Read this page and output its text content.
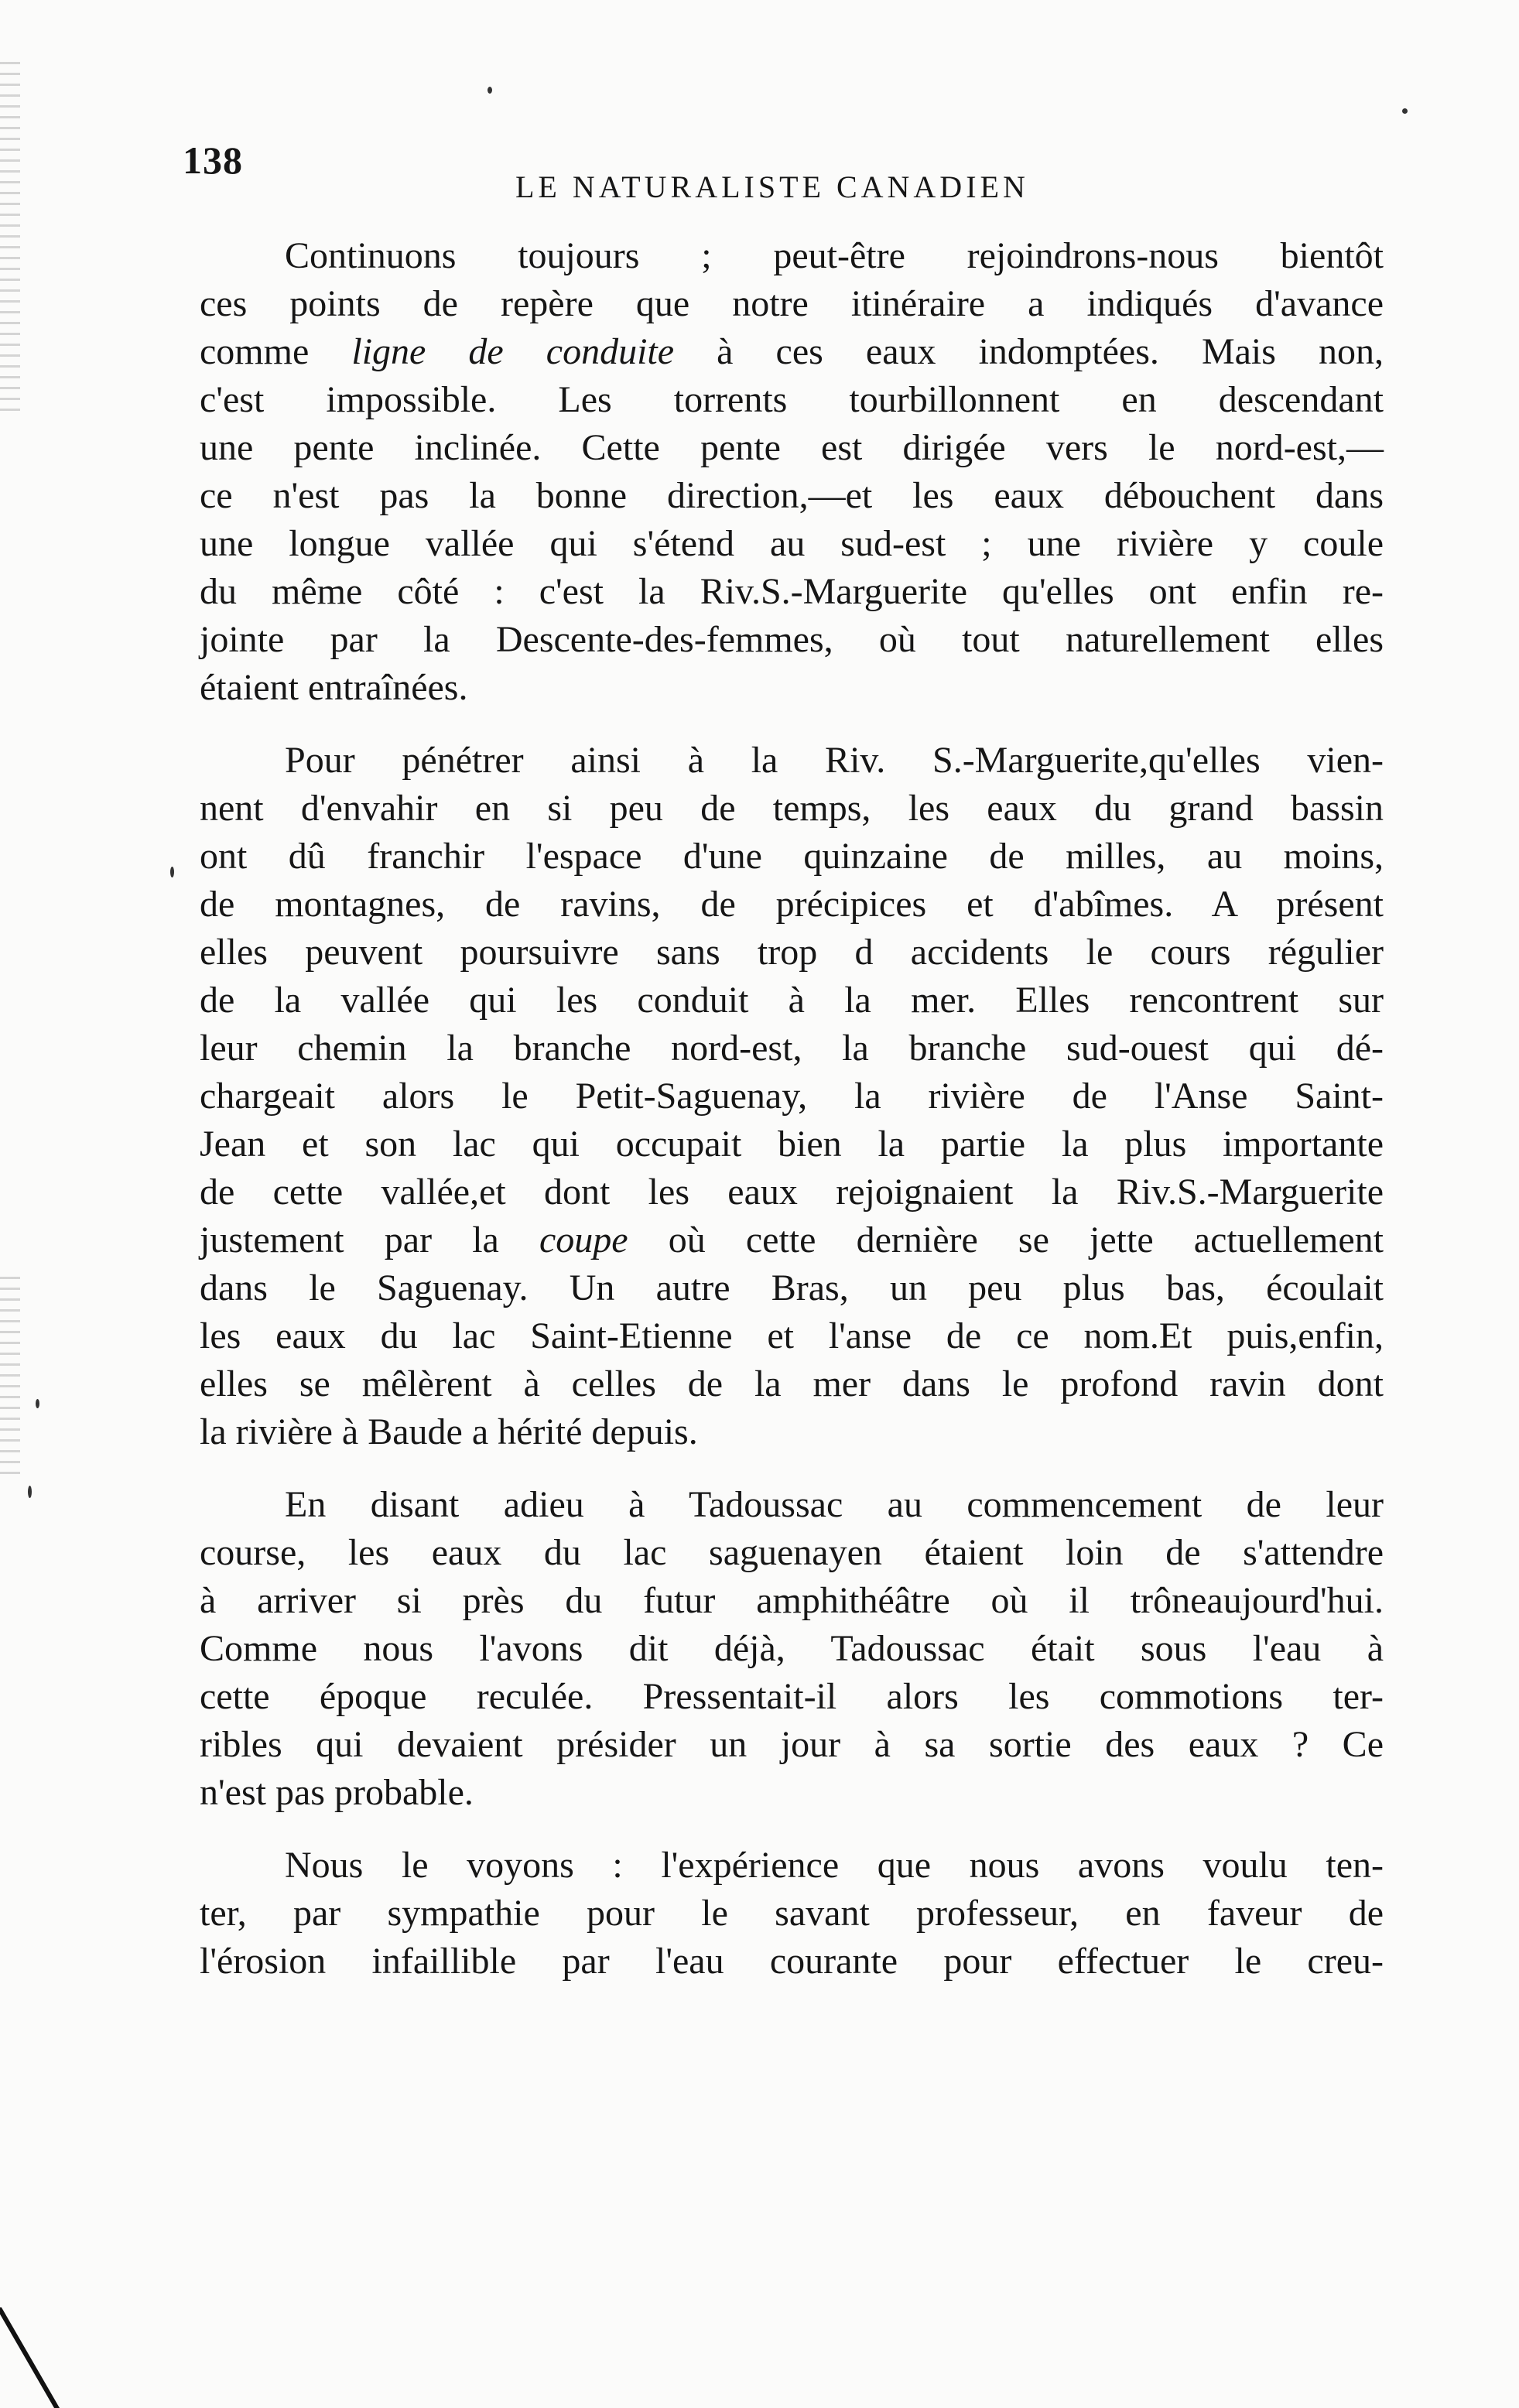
138
LE NATURALISTE CANADIEN
Continuons toujours ; peut-être rejoindrons-nous bientôt
ces points de repère que notre itinéraire a indiqués d'avance
comme ligne de conduite à ces eaux indomptées. Mais non,
c'est impossible. Les torrents tourbillonnent en descendant
une pente inclinée. Cette pente est dirigée vers le nord-est,—
ce n'est pas la bonne direction,—et les eaux débouchent dans
une longue vallée qui s'étend au sud-est ; une rivière y coule
du même côté : c'est la Riv.S.-Marguerite qu'elles ont enfin re-
jointe par la Descente-des-femmes, où tout naturellement elles
étaient entraînées.
Pour pénétrer ainsi à la Riv. S.-Marguerite,qu'elles vien-
nent d'envahir en si peu de temps, les eaux du grand bassin
ont dû franchir l'espace d'une quinzaine de milles, au moins,
de montagnes, de ravins, de précipices et d'abîmes. A présent
elles peuvent poursuivre sans trop d accidents le cours régulier
de la vallée qui les conduit à la mer. Elles rencontrent sur
leur chemin la branche nord-est, la branche sud-ouest qui dé-
chargeait alors le Petit-Saguenay, la rivière de l'Anse Saint-
Jean et son lac qui occupait bien la partie la plus importante
de cette vallée,et dont les eaux rejoignaient la Riv.S.-Marguerite
justement par la coupe où cette dernière se jette actuellement
dans le Saguenay. Un autre Bras, un peu plus bas, écoulait
les eaux du lac Saint-Etienne et l'anse de ce nom.Et puis,enfin,
elles se mêlèrent à celles de la mer dans le profond ravin dont
la rivière à Baude a hérité depuis.
En disant adieu à Tadoussac au commencement de leur
course, les eaux du lac saguenayen étaient loin de s'attendre
à arriver si près du futur amphithéâtre où il trôneaujourd'hui.
Comme nous l'avons dit déjà, Tadoussac était sous l'eau à
cette époque reculée. Pressentait-il alors les commotions ter-
ribles qui devaient présider un jour à sa sortie des eaux ? Ce
n'est pas probable.
Nous le voyons : l'expérience que nous avons voulu ten-
ter, par sympathie pour le savant professeur, en faveur de
l'érosion infaillible par l'eau courante pour effectuer le creu-
